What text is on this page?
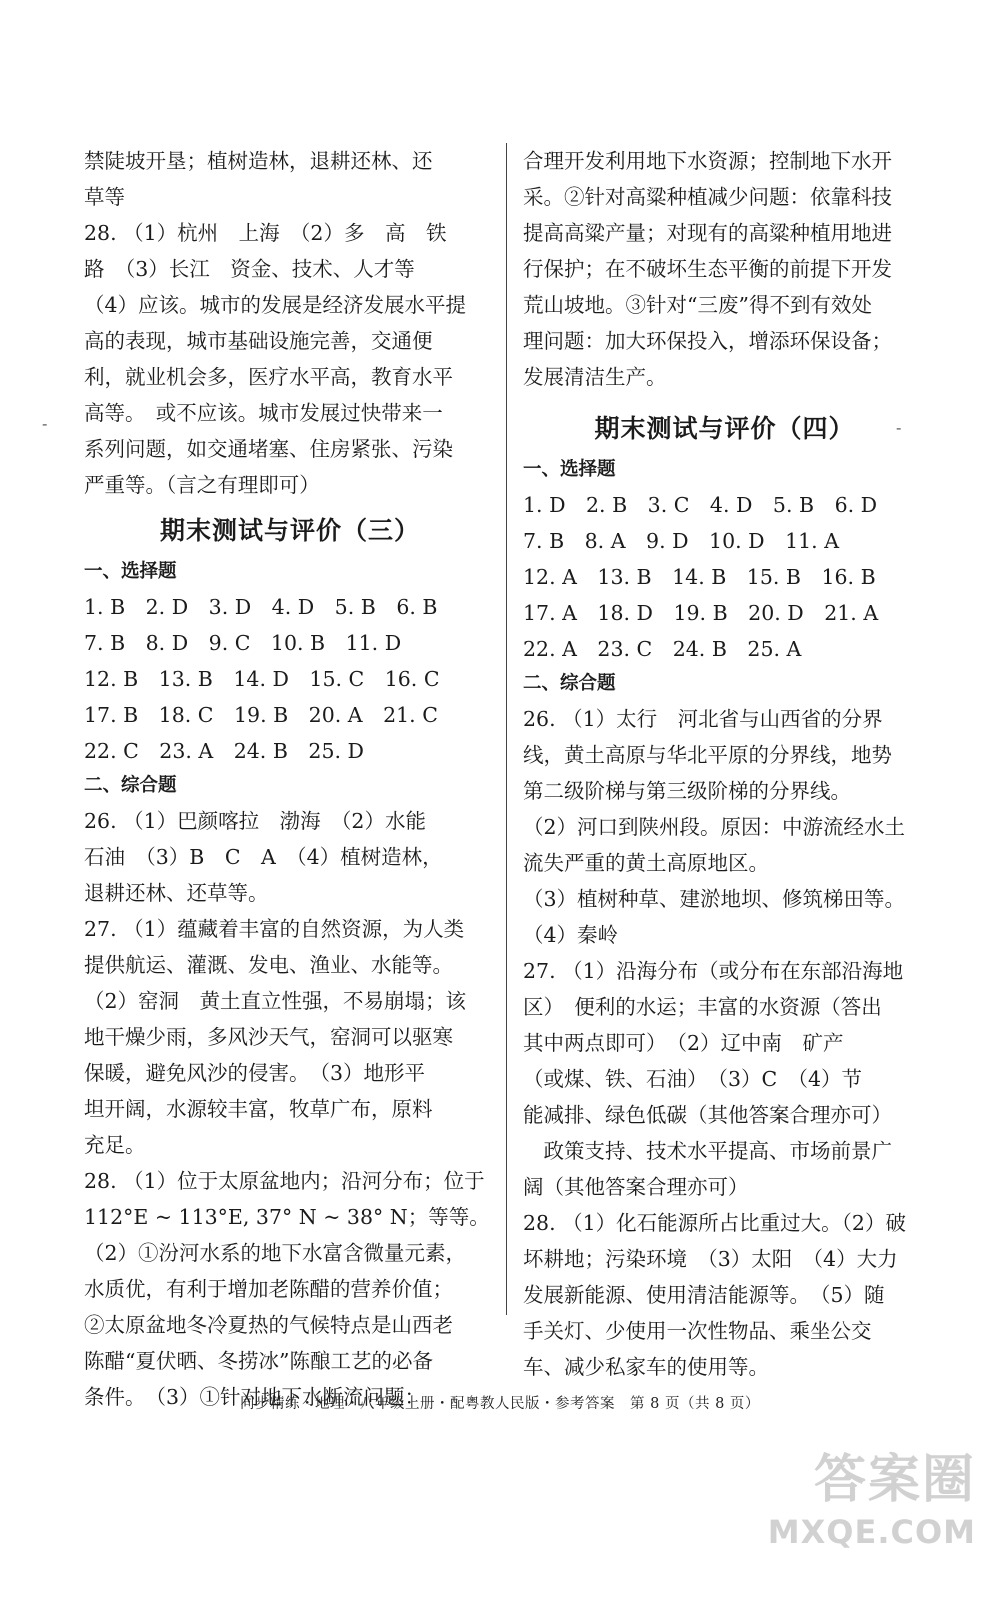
-	-
禁陡坡开垦；植树造林，退耕还林、还
草等
28. （1）杭州　上海　（2）多　高　铁
路　（3）长江　资金、技术、人才等
（4）应该。城市的发展是经济发展水平提
高的表现，城市基础设施完善，交通便
利，就业机会多，医疗水平高，教育水平
高等。　或不应该。城市发展过快带来一
系列问题，如交通堵塞、住房紧张、污染
严重等。（言之有理即可）
期末测试与评价（三）
一、选择题
1. B　2. D　3. D　4. D　5. B　6. B
7. B　8. D　9. C　10. B　11. D
12. B　13. B　14. D　15. C　16. C
17. B　18. C　19. B　20. A　21. C
22. C　23. A　24. B　25. D
二、综合题
26. （1）巴颜喀拉　渤海　（2）水能
石油　（3）B　C　A　（4）植树造林，
退耕还林、还草等。
27. （1）蕴藏着丰富的自然资源，为人类
提供航运、灌溉、发电、渔业、水能等。
（2）窑洞　黄土直立性强，不易崩塌；该
地干燥少雨，多风沙天气，窑洞可以驱寒
保暖，避免风沙的侵害。　（3）地形平
坦开阔，水源较丰富，牧草广布，原料
充足。
28. （1）位于太原盆地内；沿河分布；位于
112°E ~ 113°E, 37° N ~ 38° N；等等。
（2）①汾河水系的地下水富含微量元素，
水质优，有利于增加老陈醋的营养价值；
②太原盆地冬冷夏热的气候特点是山西老
陈醋“夏伏晒、冬捞冰”陈酿工艺的必备
条件。　（3）①针对地下水断流问题：
合理开发利用地下水资源；控制地下水开
采。②针对高粱种植减少问题：依靠科技
提高高粱产量；对现有的高粱种植用地进
行保护；在不破坏生态平衡的前提下开发
荒山坡地。③针对“三废”得不到有效处
理问题：加大环保投入，增添环保设备；
发展清洁生产。
期末测试与评价（四）
一、选择题
1. D　2. B　3. C　4. D　5. B　6. D
7. B　8. A　9. D　10. D　11. A
12. A　13. B　14. B　15. B　16. B
17. A　18. D　19. B　20. D　21. A
22. A　23. C　24. B　25. A
二、综合题
26. （1）太行　河北省与山西省的分界
线，黄土高原与华北平原的分界线，地势
第二级阶梯与第三级阶梯的分界线。
（2）河口到陕州段。原因：中游流经水土
流失严重的黄土高原地区。
（3）植树种草、建淤地坝、修筑梯田等。
（4）秦岭
27. （1）沿海分布（或分布在东部沿海地
区）　便利的水运；丰富的水资源（答出
其中两点即可）　（2）辽中南　矿产
（或煤、铁、石油）　（3）C　（4）节
能减排、绿色低碳（其他答案合理亦可）
　政策支持、技术水平提高、市场前景广
阔（其他答案合理亦可）
28. （1）化石能源所占比重过大。（2）破
坏耕地；污染环境　（3）太阳　（4）大力
发展新能源、使用清洁能源等。　（5）随
手关灯、少使用一次性物品、乘坐公交
车、减少私家车的使用等。
同步精练・地理・八年级上册・配粤教人民版・参考答案　第 8 页（共 8 页）
答案圈
MXQE.COM
